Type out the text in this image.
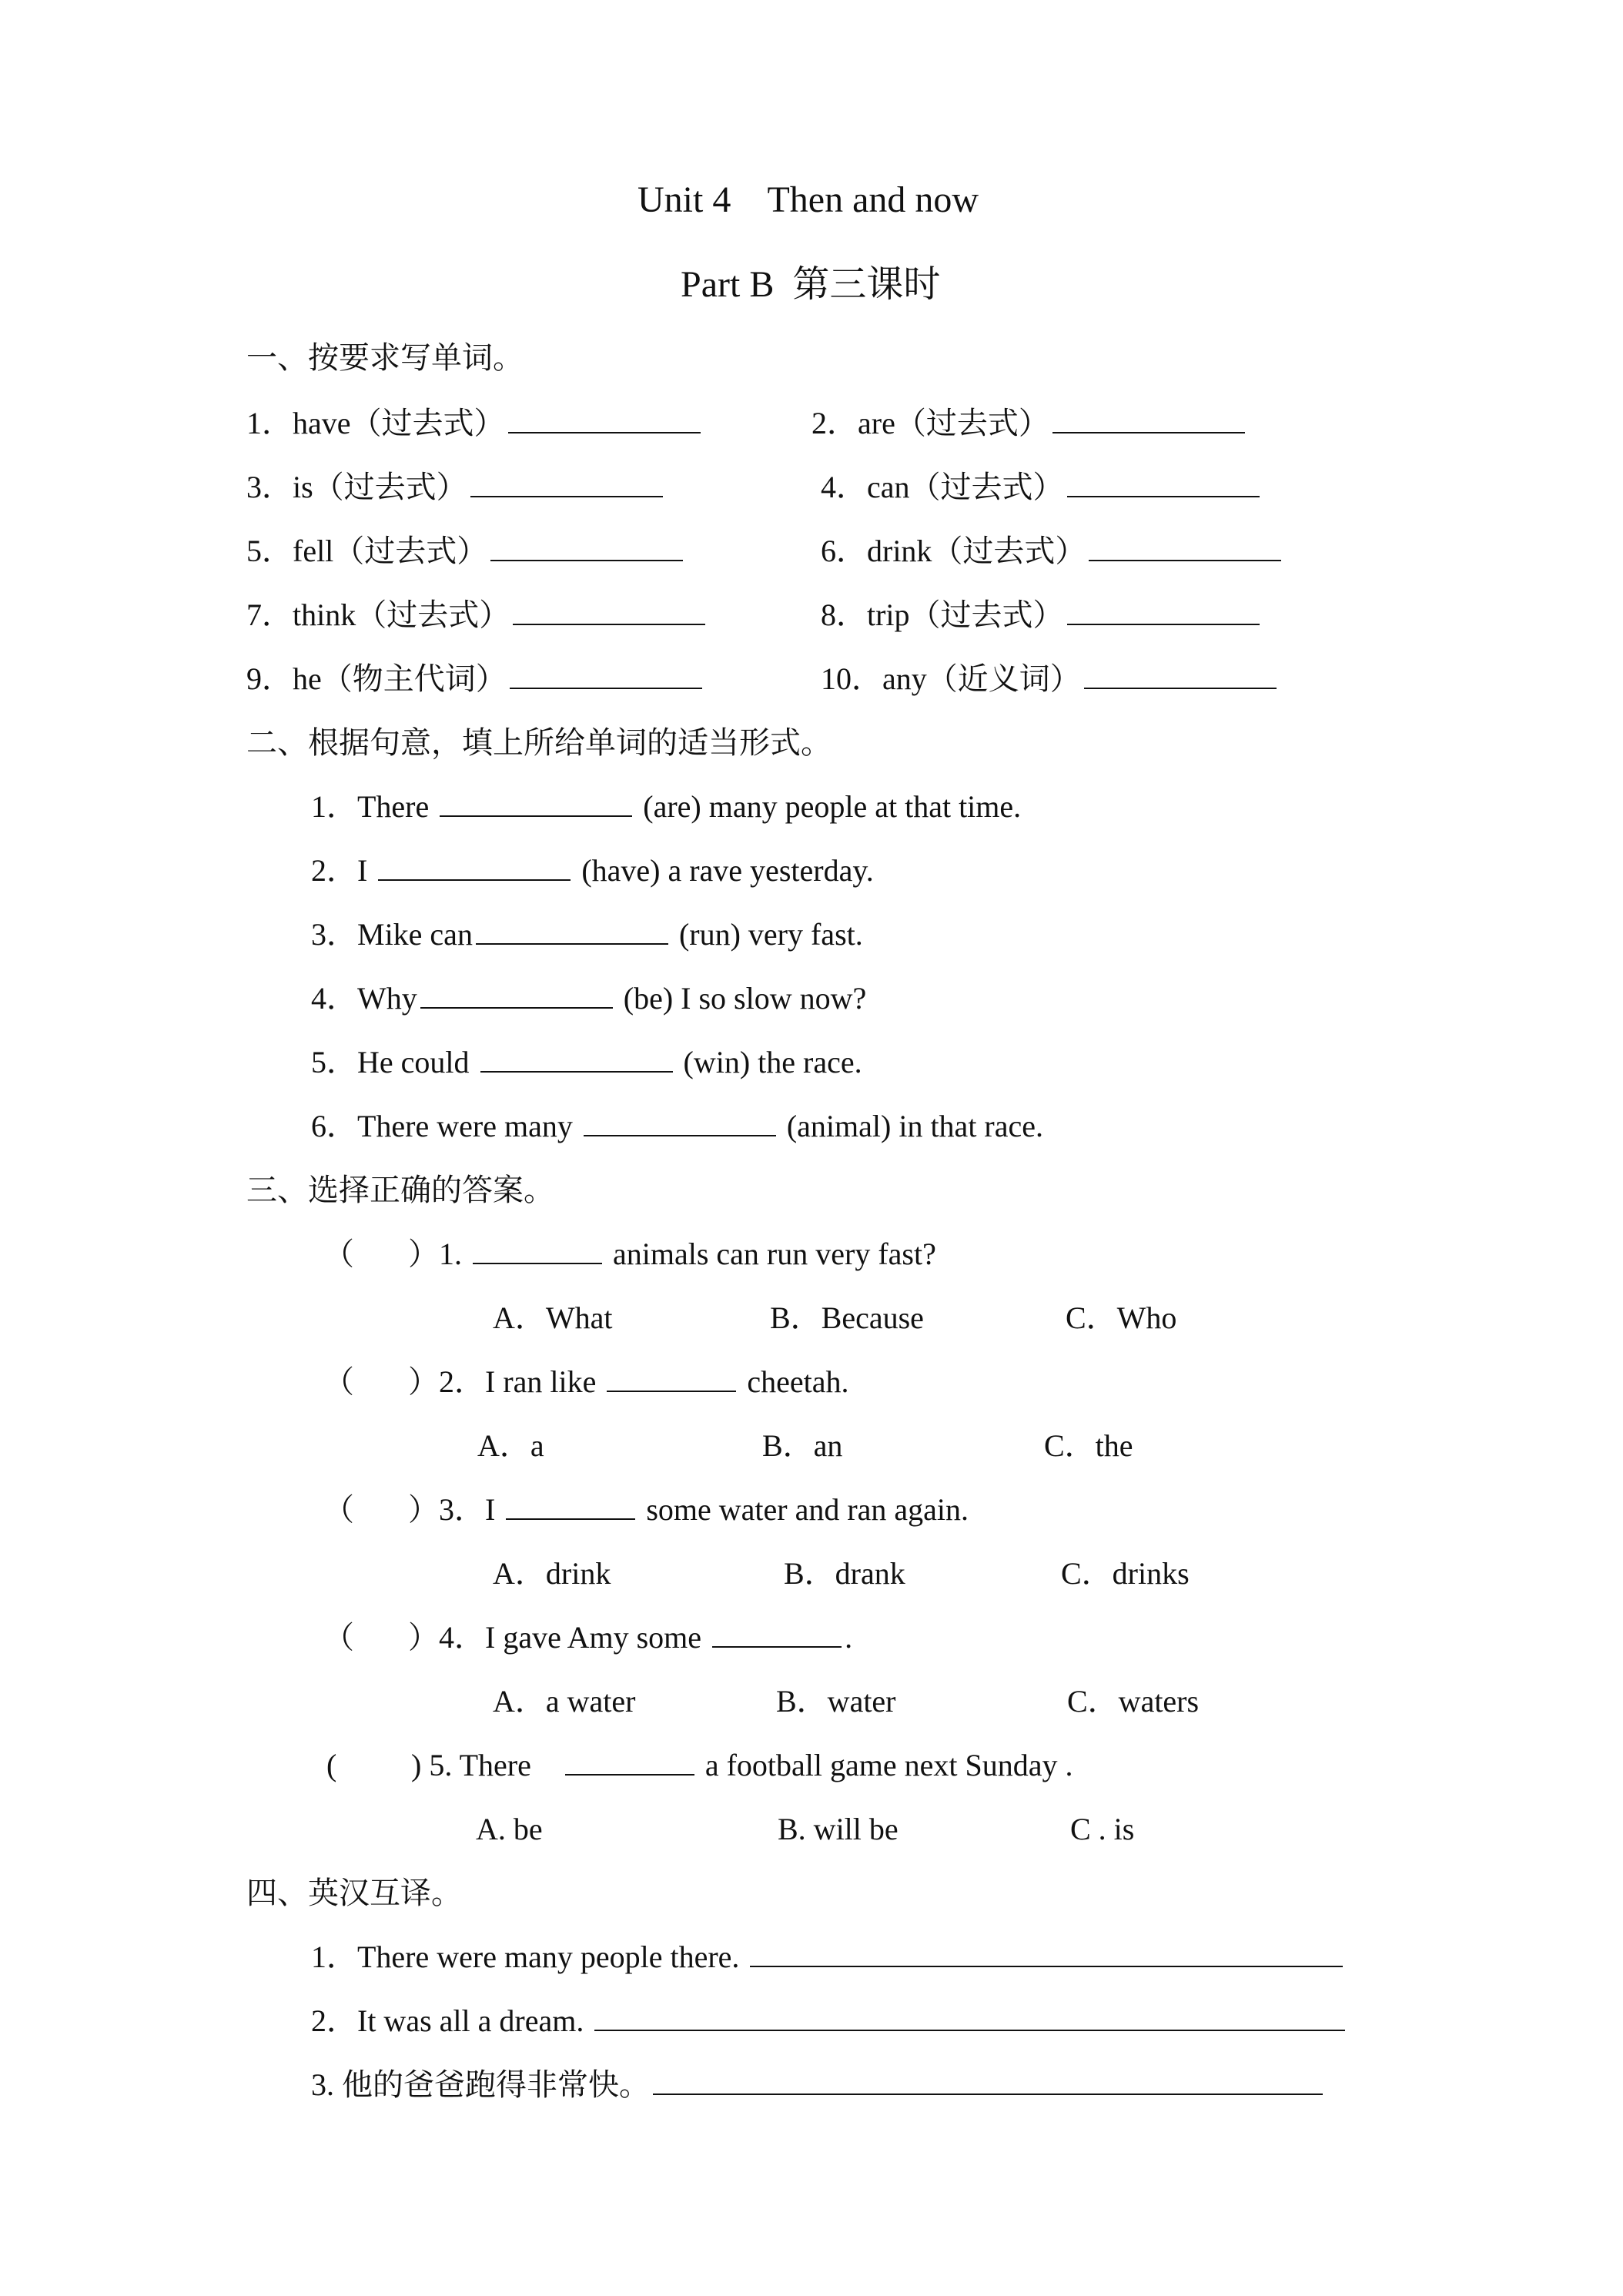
Unit 4    Then and now
Part B  第三课时
一、按要求写单词。
1．have（过去式）	2．are（过去式）
3．is（过去式）	4．can（过去式）
5．fell（过去式）	6．drink（过去式）
7．think（过去式）	8．trip（过去式）
9．he（物主代词）	10．any（近义词）
二、根据句意，填上所给单词的适当形式。
1．There	(are) many people at that time.
2．I	(have) a rave yesterday.
3．Mike can	(run) very fast.
4．Why	(be) I so slow now?
5．He could	(win) the race.
6．There were many	(animal) in that race.
三、选择正确的答案。
（ ）1.	animals can run very fast?
A．What	B．Because	C．Who
（ ）2．I ran like	cheetah.
A．a	B．an	C．the
（ ）3．I	some water and ran again.
A．drink	B．drank	C．drinks
（ ）4．I gave Amy some	.
A．a water	B．water	C．waters
( ) 5. There	a football game next Sunday .
A. be	B. will be	C . is
四、英汉互译。
1．There were many people there.
2．It was all a dream.
3. 他的爸爸跑得非常快。
